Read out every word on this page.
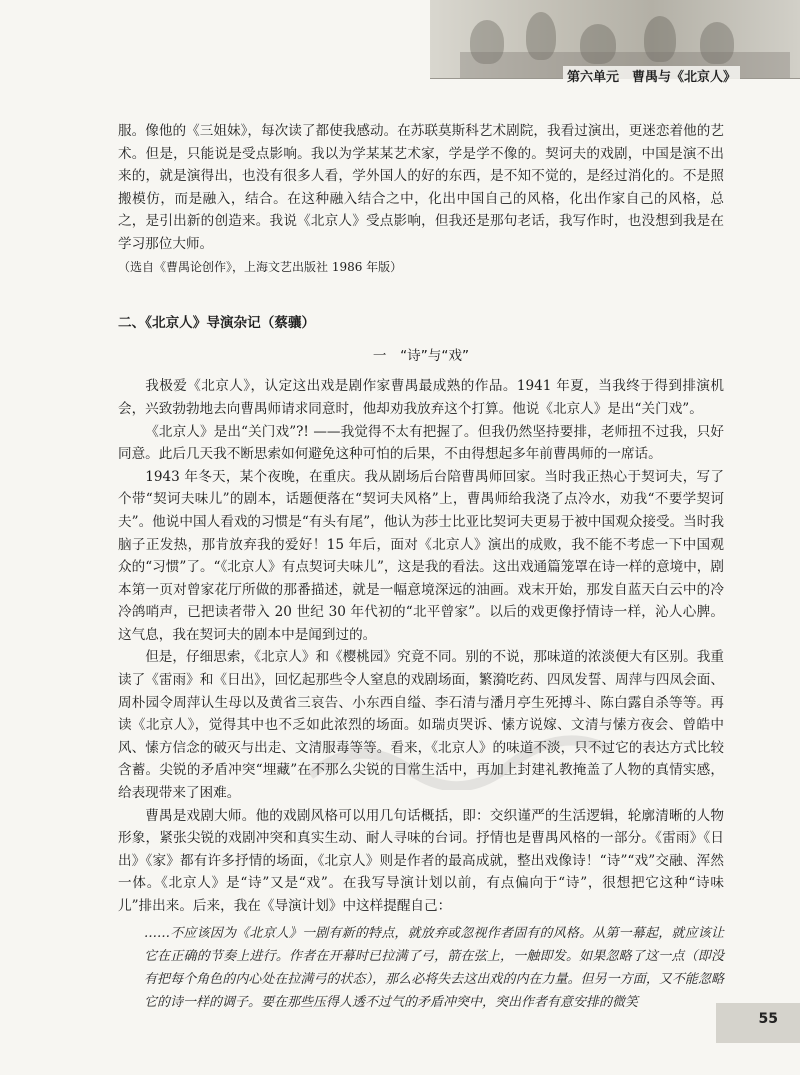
第六单元　曹禺与《北京人》

服。像他的《三姐妹》，每次读了都使我感动。在苏联莫斯科艺术剧院，我看过演出，更迷恋着他的艺术。但是，只能说是受点影响。我以为学某某艺术家，学是学不像的。契诃夫的戏剧，中国是演不出来的，就是演得出，也没有很多人看，学外国人的好的东西，是不知不觉的，是经过消化的。不是照搬模仿，而是融入，结合。在这种融入结合之中，化出中国自己的风格，化出作家自己的风格，总之，是引出新的创造来。我说《北京人》受点影响，但我还是那句老话，我写作时，也没想到我是在学习那位大师。

（选自《曹禺论创作》，上海文艺出版社 1986 年版）

二、《北京人》导演杂记（蔡骧）
一　“诗”与“戏”

我极爱《北京人》，认定这出戏是剧作家曹禺最成熟的作品。1941 年夏，当我终于得到排演机会，兴致勃勃地去向曹禺师请求同意时，他却劝我放弃这个打算。他说《北京人》是出“关门戏”。

《北京人》是出“关门戏”?! ——我觉得不太有把握了。但我仍然坚持要排，老师扭不过我，只好同意。此后几天我不断思索如何避免这种可怕的后果，不由得想起多年前曹禺师的一席话。

1943 年冬天，某个夜晚，在重庆。我从剧场后台陪曹禺师回家。当时我正热心于契诃夫，写了个带“契诃夫味儿”的剧本，话题便落在“契诃夫风格”上，曹禺师给我浇了点冷水，劝我“不要学契诃夫”。他说中国人看戏的习惯是“有头有尾”，他认为莎士比亚比契诃夫更易于被中国观众接受。当时我脑子正发热，那肯放弃我的爱好！15 年后，面对《北京人》演出的成败，我不能不考虑一下中国观众的“习惯”了。“《北京人》有点契诃夫味儿”，这是我的看法。这出戏通篇笼罩在诗一样的意境中，剧本第一页对曾家花厅所做的那番描述，就是一幅意境深远的油画。戏末开始，那发自蓝天白云中的冷冷鸽哨声，已把读者带入 20 世纪 30 年代初的“北平曾家”。以后的戏更像抒情诗一样，沁人心脾。这气息，我在契诃夫的剧本中是闻到过的。

但是，仔细思索，《北京人》和《樱桃园》究竟不同。别的不说，那味道的浓淡便大有区别。我重读了《雷雨》和《日出》，回忆起那些令人窒息的戏剧场面，繁漪吃药、四凤发誓、周萍与四凤会面、周朴园令周萍认生母以及黄省三哀告、小东西自缢、李石清与潘月亭生死搏斗、陈白露自杀等等。再读《北京人》，觉得其中也不乏如此浓烈的场面。如瑞贞哭诉、愫方说嫁、文清与愫方夜会、曾皓中风、愫方信念的破灭与出走、文清服毒等等。看来，《北京人》的味道不淡，只不过它的表达方式比较含蓄。尖锐的矛盾冲突“埋藏”在不那么尖锐的日常生活中，再加上封建礼教掩盖了人物的真情实感，给表现带来了困难。

曹禺是戏剧大师。他的戏剧风格可以用几句话概括，即：交织谨严的生活逻辑，轮廓清晰的人物形象，紧张尖锐的戏剧冲突和真实生动、耐人寻味的台词。抒情也是曹禺风格的一部分。《雷雨》《日出》《家》都有许多抒情的场面，《北京人》则是作者的最高成就，整出戏像诗！“诗”“戏”交融、浑然一体。《北京人》是“诗”又是“戏”。在我写导演计划以前，有点偏向于“诗”，很想把它这种“诗味儿”排出来。后来，我在《导演计划》中这样提醒自己：

……不应该因为《北京人》一剧有新的特点，就放弃或忽视作者固有的风格。从第一幕起，就应该让它在正确的节奏上进行。作者在开幕时已拉满了弓，箭在弦上，一触即发。如果忽略了这一点（即没有把每个角色的内心处在拉满弓的状态），那么必将失去这出戏的内在力量。但另一方面，又不能忽略它的诗一样的调子。要在那些压得人透不过气的矛盾冲突中，突出作者有意安排的微笑

55
